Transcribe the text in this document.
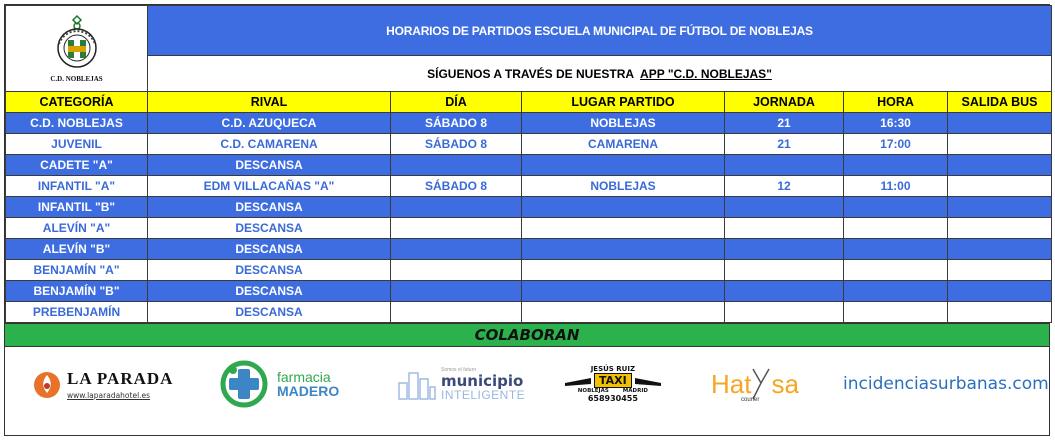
C.D. NOBLEJAS	HORARIOS DE PARTIDOS ESCUELA MUNICIPAL DE FÚTBOL DE NOBLEJAS					
	SÍGUENOS A TRAVÉS DE NUESTRA APP "C.D. NOBLEJAS"					
CATEGORÍA	RIVAL	DÍA	LUGAR PARTIDO	JORNADA	HORA	SALIDA BUS
C.D. NOBLEJAS	C.D. AZUQUECA	SÁBADO 8	NOBLEJAS	21	16:30	
JUVENIL	C.D. CAMARENA	SÁBADO 8	CAMARENA	21	17:00	
CADETE "A"	DESCANSA					
INFANTIL "A"	EDM VILLACAÑAS "A"	SÁBADO 8	NOBLEJAS	12	11:00	
INFANTIL "B"	DESCANSA					
ALEVÍN "A"	DESCANSA					
ALEVÍN "B"	DESCANSA					
BENJAMÍN "A"	DESCANSA					
BENJAMÍN "B"	DESCANSA					
PREBENJAMÍN	DESCANSA					
COLABORAN
LA PARADA
www.laparadahotel.es
farmacia
MADERO
Somos el futuro
municipio
INTELIGENTE
JESÚS RUIZ
TAXI
NOBLEJAS	MADRID
658930455	Hat sa
courier
incidenciasurbanas.com
